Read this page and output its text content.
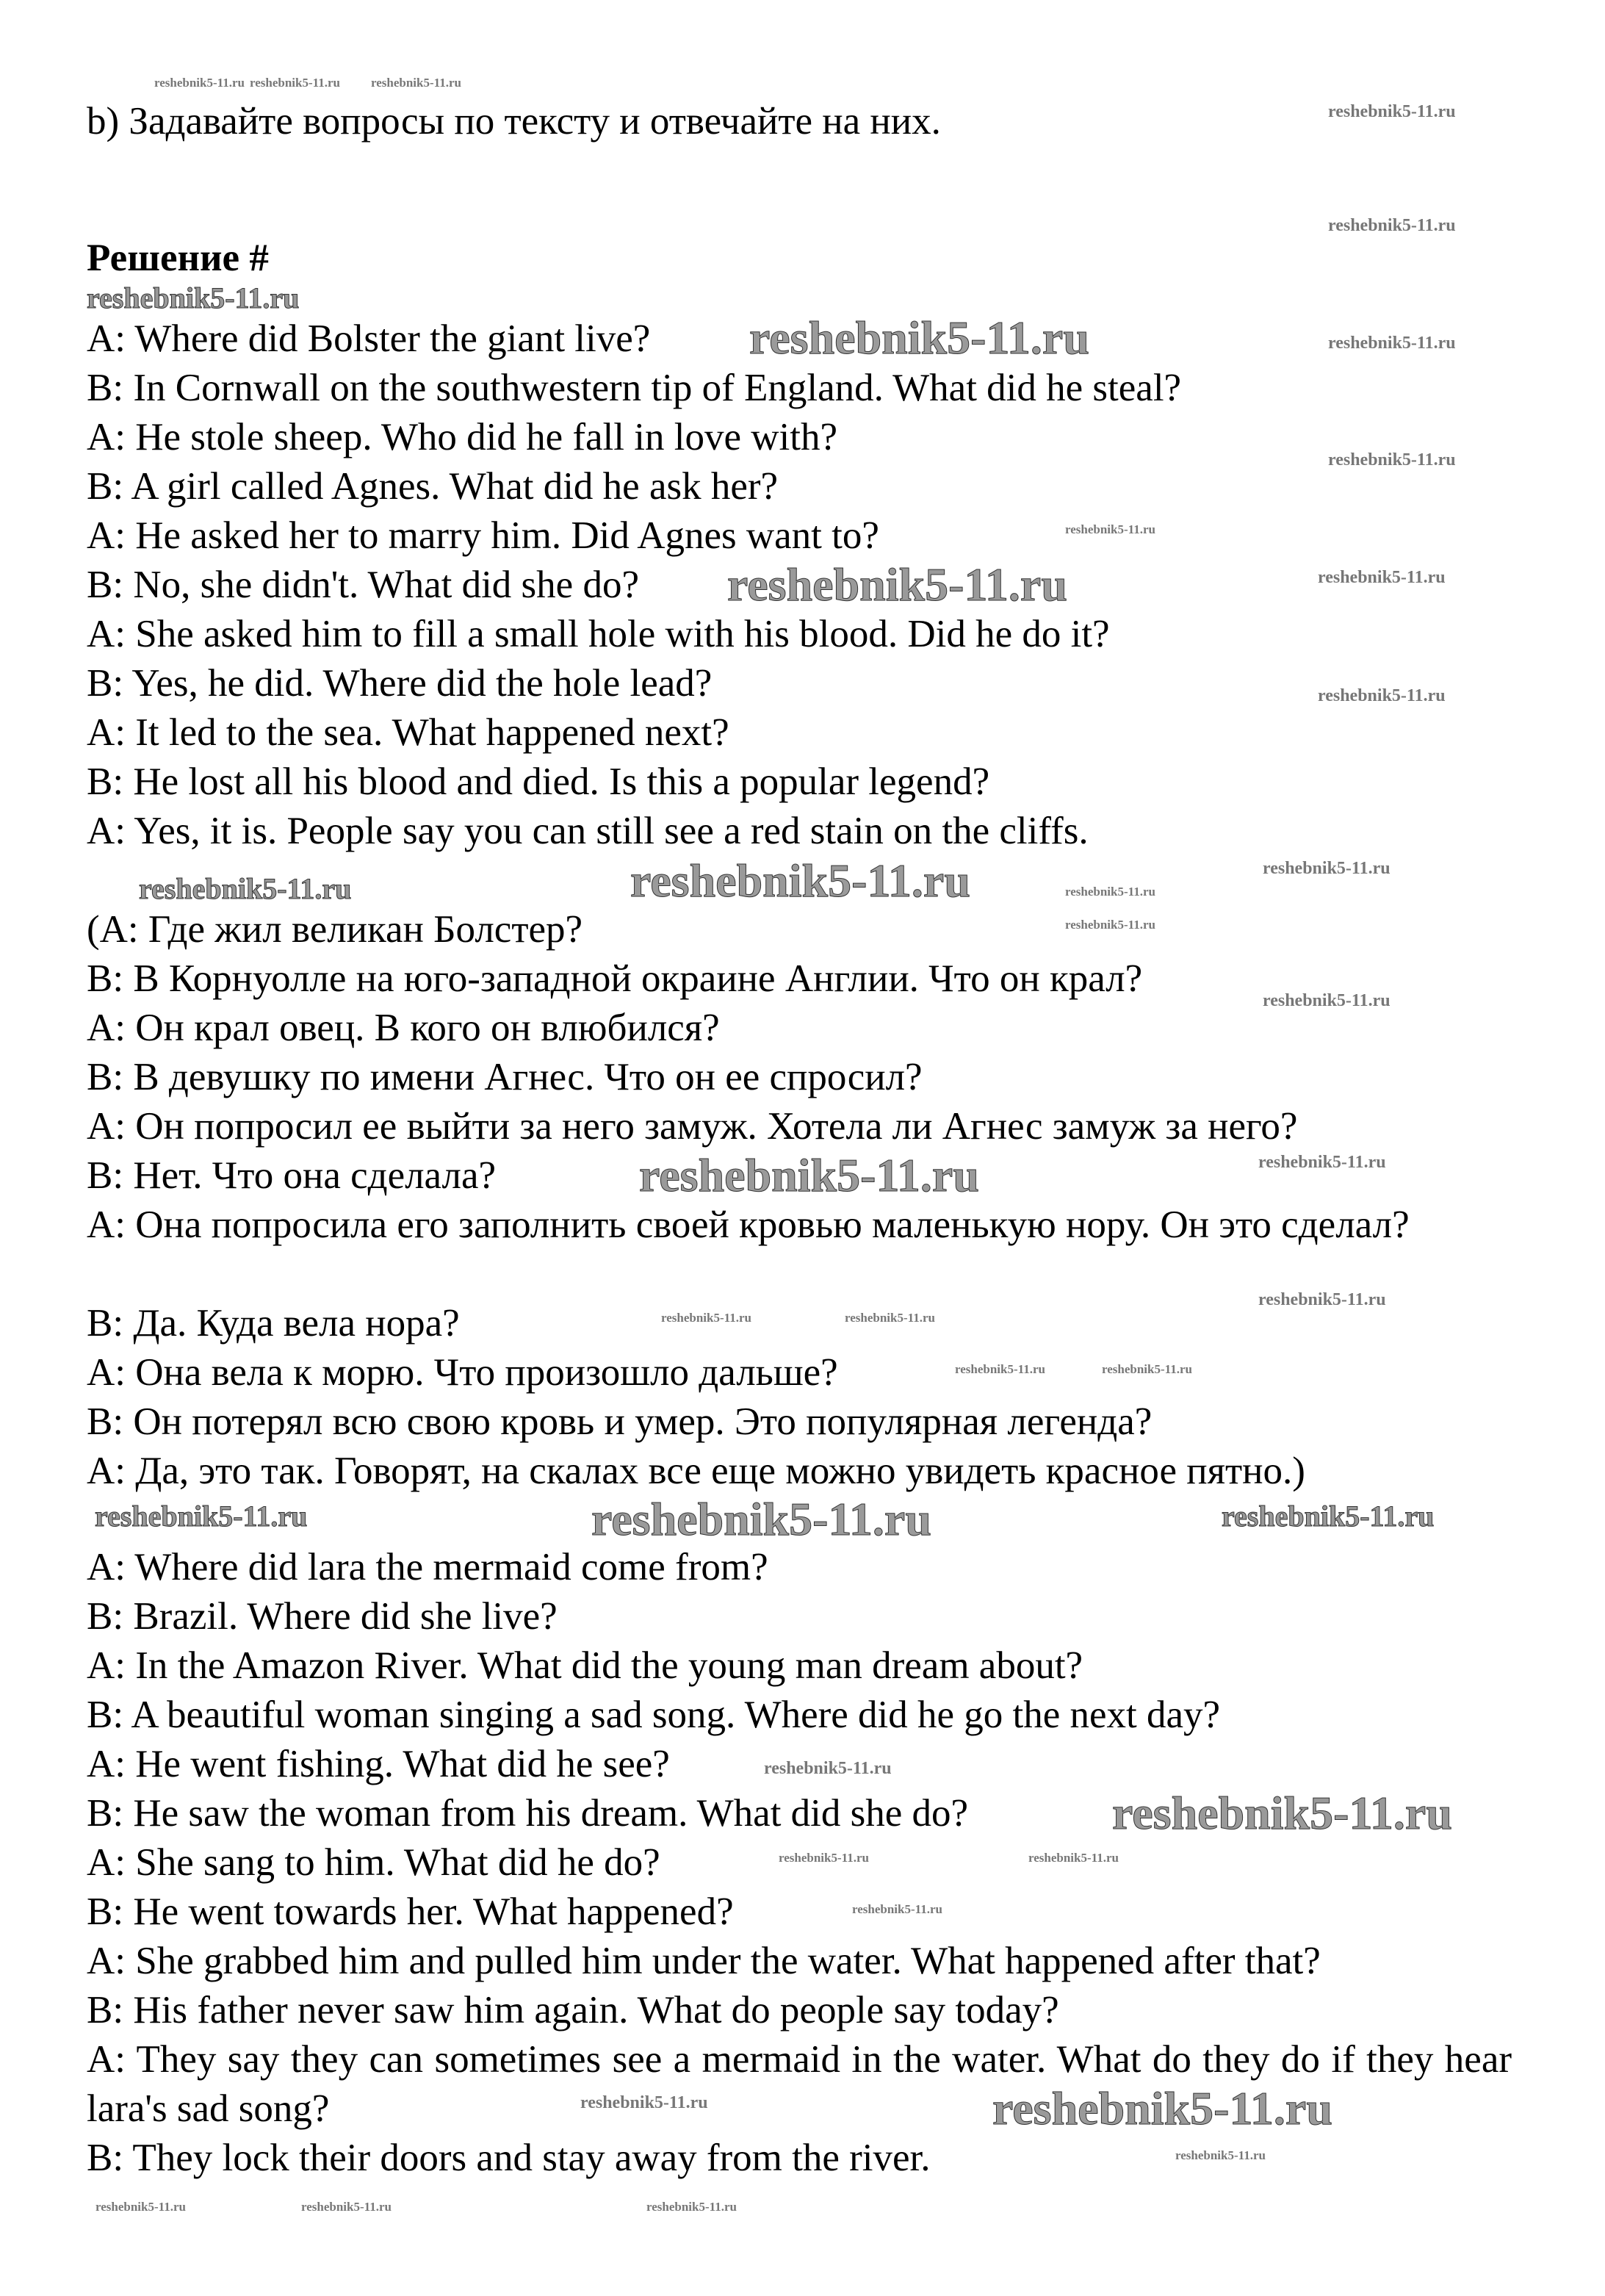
b) Задавайте вопросы по тексту и отвечайте на них.
Решение #
A: Where did Bolster the giant live?
B: In Cornwall on the southwestern tip of England. What did he steal?
A: He stole sheep. Who did he fall in love with?
B: A girl called Agnes. What did he ask her?
A: He asked her to marry him. Did Agnes want to?
B: No, she didn't. What did she do?
A: She asked him to fill a small hole with his blood. Did he do it?
B: Yes, he did. Where did the hole lead?
A: It led to the sea. What happened next?
B: He lost all his blood and died. Is this a popular legend?
A: Yes, it is. People say you can still see a red stain on the cliffs.
(А: Где жил великан Болстер?
В: В Корнуолле на юго-западной окраине Англии. Что он крал?
А: Он крал овец. В кого он влюбился?
В: В девушку по имени Агнес. Что он ее спросил?
А: Он попросил ее выйти за него замуж. Хотела ли Агнес замуж за него?
В: Нет. Что она сделала?
А: Она попросила его заполнить своей кровью маленькую нору. Он это сделал?
В: Да. Куда вела нора?
А: Она вела к морю. Что произошло дальше?
В: Он потерял всю свою кровь и умер. Это популярная легенда?
А: Да, это так. Говорят, на скалах все еще можно увидеть красное пятно.)
A: Where did lara the mermaid come from?
B: Brazil. Where did she live?
A: In the Amazon River. What did the young man dream about?
B: A beautiful woman singing a sad song. Where did he go the next day?
A: He went fishing. What did he see?
B: He saw the woman from his dream. What did she do?
A: She sang to him. What did he do?
B: He went towards her. What happened?
A: She grabbed him and pulled him under the water. What happened after that?
B: His father never saw him again. What do people say today?
A: They say they can sometimes see a mermaid in the water. What do they do if they hear lara's sad song?
B: They lock their doors and stay away from the river.
reshebnik5-11.ru
reshebnik5-11.ru
reshebnik5-11.ru
reshebnik5-11.ru
reshebnik5-11.ru
reshebnik5-11.ru
reshebnik5-11.ru
reshebnik5-11.ru
reshebnik5-11.ru
reshebnik5-11.ru	reshebnik5-11.ru
reshebnik5-11.ru
reshebnik5-11.ru
reshebnik5-11.ru
reshebnik5-11.ru
reshebnik5-11.ru
reshebnik5-11.ru
reshebnik5-11.ru
reshebnik5-11.ru
reshebnik5-11.ru
reshebnik5-11.ru
reshebnik5-11.ru
reshebnik5-11.ru
reshebnik5-11.ru reshebnik5-11.ru reshebnik5-11.ru
reshebnik5-11.ru
reshebnik5-11.ru
reshebnik5-11.ru
reshebnik5-11.ru	reshebnik5-11.ru
reshebnik5-11.ru	reshebnik5-11.ru
reshebnik5-11.ru
reshebnik5-11.ru
reshebnik5-11.ru
reshebnik5-11.ru	reshebnik5-11.ru	reshebnik5-11.ru
reshebnik5-11.ru
